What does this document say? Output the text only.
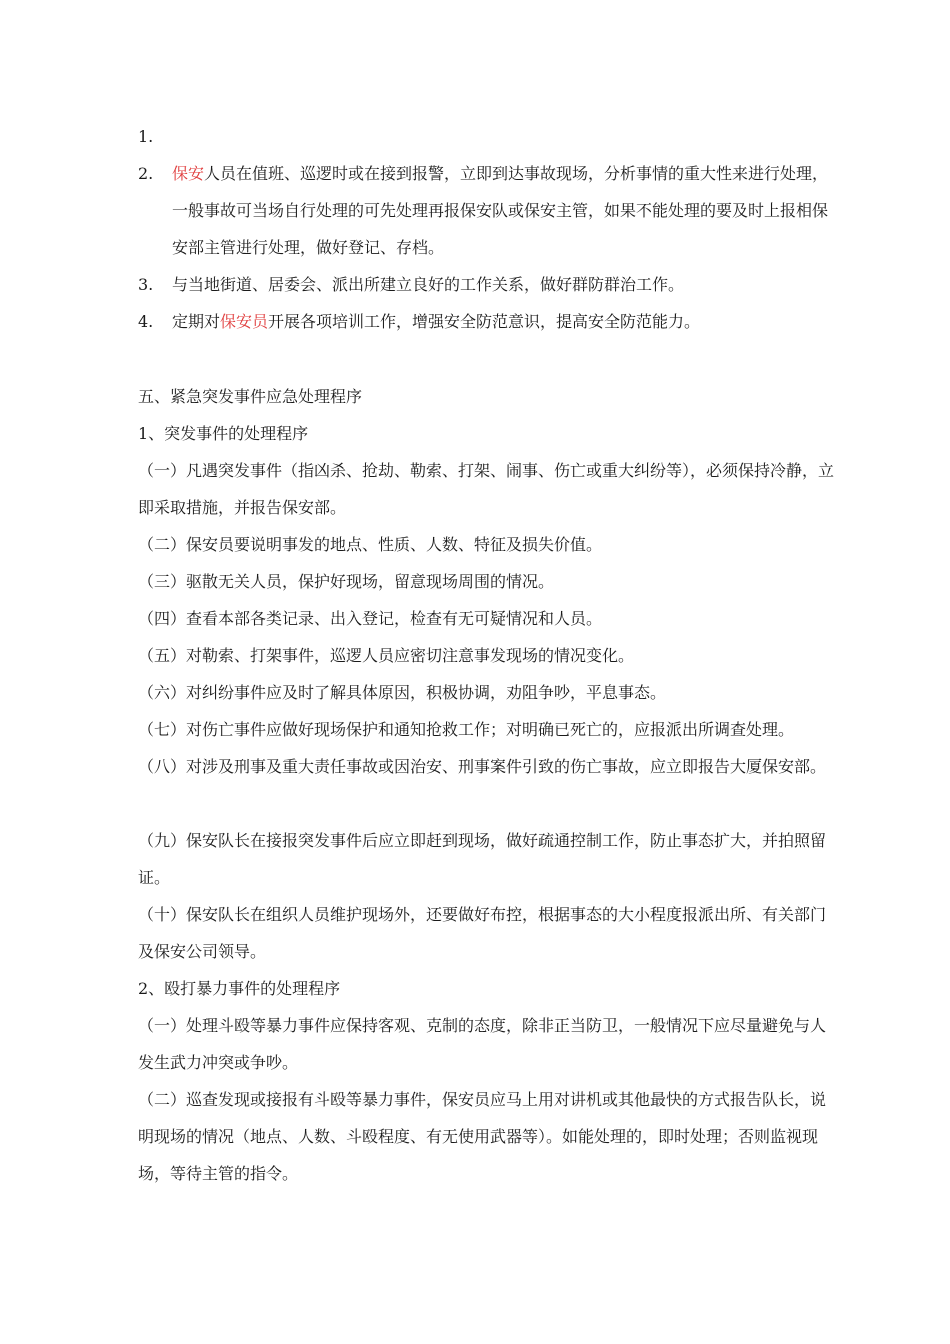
1.

2.	保安人员在值班、巡逻时或在接到报警，立即到达事故现场，分析事情的重大性来进行处理，一般事故可当场自行处理的可先处理再报保安队或保安主管，如果不能处理的要及时上报相保安部主管进行处理，做好登记、存档。
3.	与当地街道、居委会、派出所建立良好的工作关系，做好群防群治工作。
4.	定期对保安员开展各项培训工作，增强安全防范意识，提高安全防范能力。

五、紧急突发事件应急处理程序

1、突发事件的处理程序

（一）凡遇突发事件（指凶杀、抢劫、勒索、打架、闹事、伤亡或重大纠纷等），必须保持冷静，立即采取措施，并报告保安部。

（二）保安员要说明事发的地点、性质、人数、特征及损失价值。

（三）驱散无关人员，保护好现场，留意现场周围的情况。

（四）查看本部各类记录、出入登记，检查有无可疑情况和人员。

（五）对勒索、打架事件，巡逻人员应密切注意事发现场的情况变化。

（六）对纠纷事件应及时了解具体原因，积极协调，劝阻争吵，平息事态。

（七）对伤亡事件应做好现场保护和通知抢救工作；对明确已死亡的，应报派出所调查处理。

（八）对涉及刑事及重大责任事故或因治安、刑事案件引致的伤亡事故，应立即报告大厦保安部。

（九）保安队长在接报突发事件后应立即赶到现场，做好疏通控制工作，防止事态扩大，并拍照留证。

（十）保安队长在组织人员维护现场外，还要做好布控，根据事态的大小程度报派出所、有关部门及保安公司领导。

2、殴打暴力事件的处理程序

（一）处理斗殴等暴力事件应保持客观、克制的态度，除非正当防卫，一般情况下应尽量避免与人发生武力冲突或争吵。

（二）巡查发现或接报有斗殴等暴力事件，保安员应马上用对讲机或其他最快的方式报告队长，说明现场的情况（地点、人数、斗殴程度、有无使用武器等）。如能处理的，即时处理；否则监视现场，等待主管的指令。
